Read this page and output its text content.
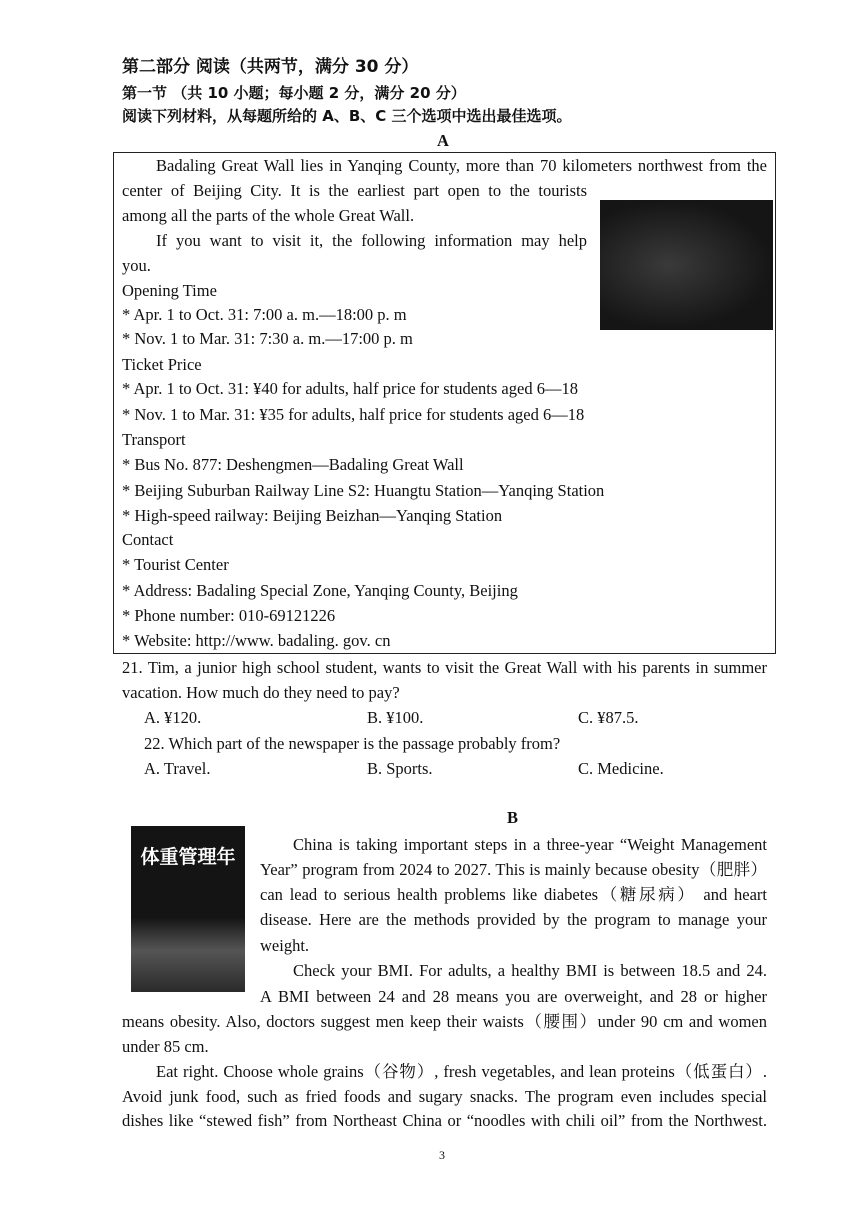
第二部分 阅读（共两节，满分 30 分）
第一节 （共 10 小题；每小题 2 分，满分 20 分）
阅读下列材料，从每题所给的 A、B、C 三个选项中选出最佳选项。
A
Badaling Great Wall lies in Yanqing County, more than 70 kilometers northwest from the
center of Beijing City. It is the earliest part open to the tourists
among all the parts of the whole Great Wall.
If you want to visit it, the following information may help
you.
Opening Time
* Apr. 1 to Oct. 31: 7:00 a. m.—18:00 p. m
* Nov. 1 to Mar. 31: 7:30 a. m.—17:00 p. m
Ticket Price
* Apr. 1 to Oct. 31: ¥40 for adults, half price for students aged 6—18
* Nov. 1 to Mar. 31: ¥35 for adults, half price for students aged 6—18
Transport
* Bus No. 877: Deshengmen—Badaling Great Wall
* Beijing Suburban Railway Line S2: Huangtu Station—Yanqing Station
* High-speed railway: Beijing Beizhan—Yanqing Station
Contact
* Tourist Center
* Address: Badaling Special Zone, Yanqing County, Beijing
* Phone number: 010-69121226
* Website: http://www. badaling. gov. cn
21. Tim, a junior high school student, wants to visit the Great Wall with his parents in summer
vacation. How much do they need to pay?
A. ¥120.	B. ¥100.	C. ¥87.5.
22. Which part of the newspaper is the passage probably from?
A. Travel.	B. Sports.	C. Medicine.
B
体重管理年
China is taking important steps in a three-year “Weight Management
Year” program from 2024 to 2027. This is mainly because obesity（肥胖）
can lead to serious health problems like diabetes（糖尿病） and heart
disease. Here are the methods provided by the program to manage your
weight.
Check your BMI. For adults, a healthy BMI is between 18.5 and 24.
A BMI between 24 and 28 means you are overweight, and 28 or higher
means obesity. Also, doctors suggest men keep their waists（腰围）under 90 cm and women
under 85 cm.
Eat right. Choose whole grains（谷物）, fresh vegetables, and lean proteins（低蛋白）.
Avoid junk food, such as fried foods and sugary snacks. The program even includes special
dishes like “stewed fish” from Northeast China or “noodles with chili oil” from the Northwest.
3
